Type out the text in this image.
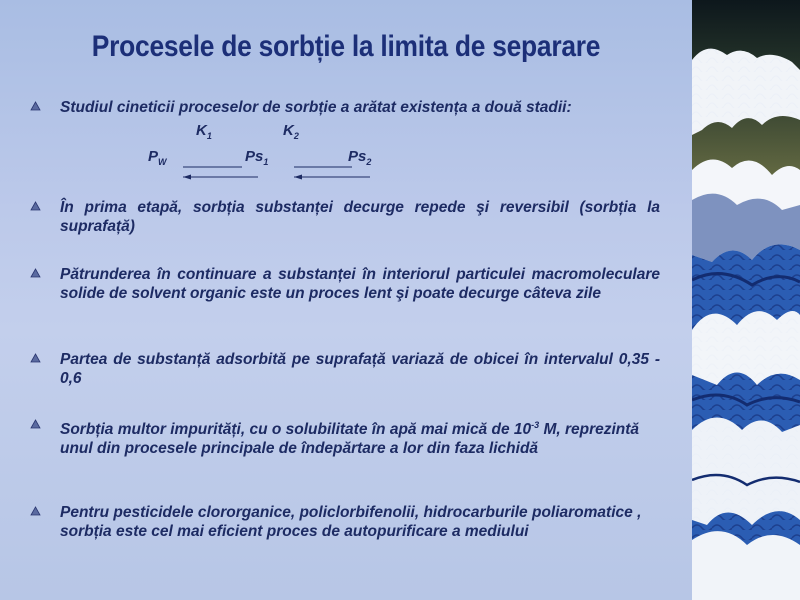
Procesele de sorbție la limita de separare
Studiul cineticii proceselor de sorbție a arătat existența a două stadii:
$K_1$	$K_2$
$P_W$	$Ps_1$	$Ps_2$
În prima etapă, sorbția substanței decurge repede şi reversibil (sorbția la suprafață)
Pătrunderea în continuare a substanței în interiorul particulei macromoleculare solide de solvent organic este un proces lent şi poate decurge câteva zile
Partea de substanță adsorbită pe suprafață variază de obicei în intervalul 0,35 - 0,6
Sorbția multor impurități, cu o solubilitate în apă mai mică de $10^{-3}$ M, reprezintă unul din procesele principale de îndepărtare a lor din faza lichidă
Pentru pesticidele clororganice, policlorbifenolii, hidrocarburile poliaromatice , sorbția este cel mai eficient proces de autopurificare a mediului
